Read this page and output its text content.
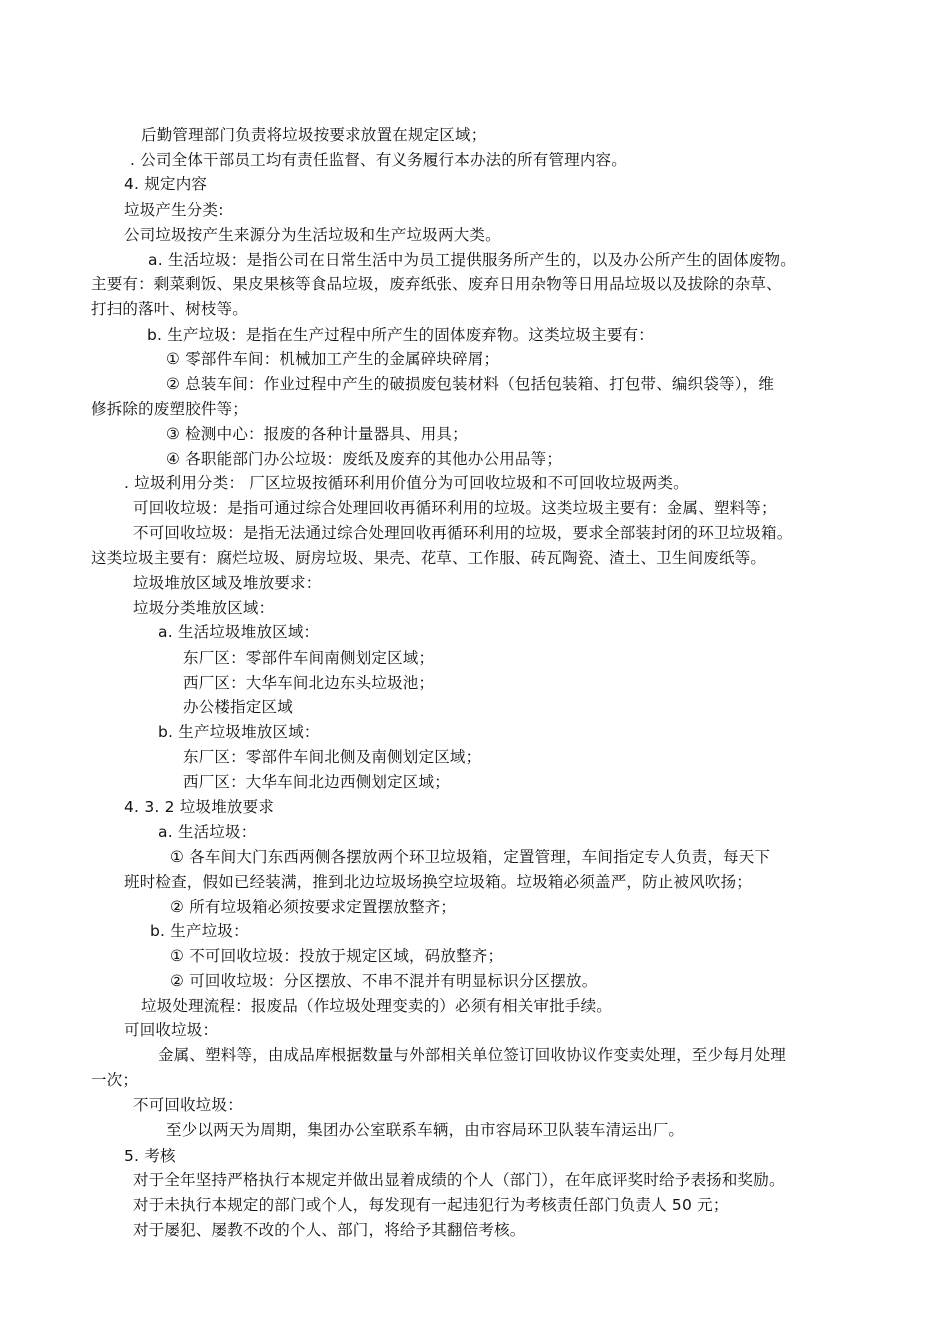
后勤管理部门负责将垃圾按要求放置在规定区域；
. 公司全体干部员工均有责任监督、有义务履行本办法的所有管理内容。
4. 规定内容
垃圾产生分类:
公司垃圾按产生来源分为生活垃圾和生产垃圾两大类。
a. 生活垃圾：是指公司在日常生活中为员工提供服务所产生的，以及办公所产生的固体废物。
主要有：剩菜剩饭、果皮果核等食品垃圾，废弃纸张、废弃日用杂物等日用品垃圾以及拔除的杂草、
打扫的落叶、树枝等。
b. 生产垃圾：是指在生产过程中所产生的固体废弃物。这类垃圾主要有：
① 零部件车间：机械加工产生的金属碎块碎屑；
② 总装车间：作业过程中产生的破损废包装材料（包括包装箱、打包带、编织袋等），维
修拆除的废塑胶件等；
③ 检测中心：报废的各种计量器具、用具；
④ 各职能部门办公垃圾：废纸及废弃的其他办公用品等；
. 垃圾利用分类： 厂区垃圾按循环利用价值分为可回收垃圾和不可回收垃圾两类。
可回收垃圾：是指可通过综合处理回收再循环利用的垃圾。这类垃圾主要有：金属、塑料等；
不可回收垃圾：是指无法通过综合处理回收再循环利用的垃圾，要求全部装封闭的环卫垃圾箱。
这类垃圾主要有：腐烂垃圾、厨房垃圾、果壳、花草、工作服、砖瓦陶瓷、渣土、卫生间废纸等。
垃圾堆放区域及堆放要求：
垃圾分类堆放区域：
a. 生活垃圾堆放区域：
东厂区：零部件车间南侧划定区域；
西厂区：大华车间北边东头垃圾池；
办公楼指定区域
b. 生产垃圾堆放区域：
东厂区：零部件车间北侧及南侧划定区域；
西厂区：大华车间北边西侧划定区域；
4. 3. 2 垃圾堆放要求
a. 生活垃圾：
① 各车间大门东西两侧各摆放两个环卫垃圾箱，定置管理，车间指定专人负责，每天下
班时检查，假如已经装满，推到北边垃圾场换空垃圾箱。垃圾箱必须盖严，防止被风吹扬；
② 所有垃圾箱必须按要求定置摆放整齐；
b. 生产垃圾：
① 不可回收垃圾：投放于规定区域，码放整齐；
② 可回收垃圾：分区摆放、不串不混并有明显标识分区摆放。
垃圾处理流程：报废品（作垃圾处理变卖的）必须有相关审批手续。
可回收垃圾：
金属、塑料等，由成品库根据数量与外部相关单位签订回收协议作变卖处理，至少每月处理
一次；
不可回收垃圾：
至少以两天为周期，集团办公室联系车辆，由市容局环卫队装车清运出厂。
5. 考核
对于全年坚持严格执行本规定并做出显着成绩的个人（部门），在年底评奖时给予表扬和奖励。
对于未执行本规定的部门或个人，每发现有一起违犯行为考核责任部门负责人 50 元；
对于屡犯、屡教不改的个人、部门，将给予其翻倍考核。
